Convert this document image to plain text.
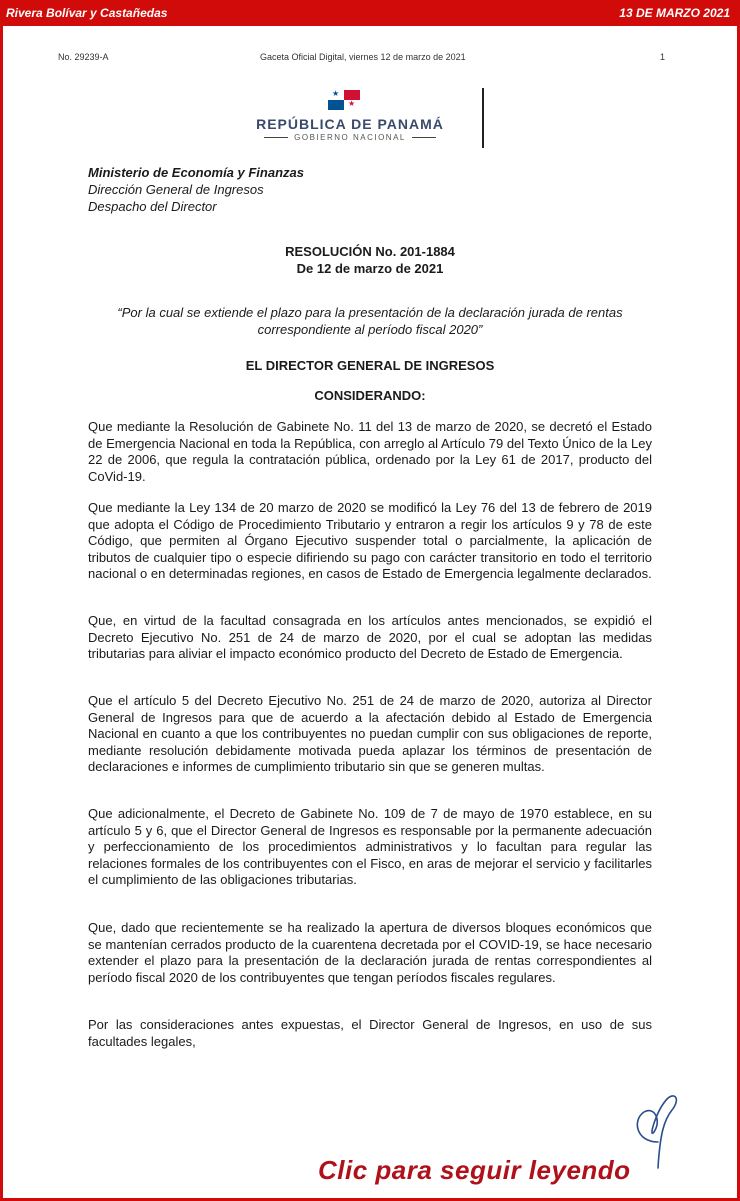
Rivera Bolívar y Castañedas	13 DE MARZO 2021
No. 29239-A	Gaceta Oficial Digital, viernes 12 de marzo de 2021	1
★
★
REPÚBLICA DE PANAMÁ
GOBIERNO NACIONAL
Ministerio de Economía y Finanzas
Dirección General de Ingresos
Despacho del Director
RESOLUCIÓN No. 201-1884
De 12 de marzo de 2021
“Por la cual se extiende el plazo para la presentación de la declaración jurada de rentas correspondiente al período fiscal 2020”
EL DIRECTOR GENERAL DE INGRESOS
CONSIDERANDO:

Que mediante la Resolución de Gabinete No. 11 del 13 de marzo de 2020, se decretó el Estado de Emergencia Nacional en toda la República, con arreglo al Artículo 79 del Texto Único de la Ley 22 de 2006, que regula la contratación pública, ordenado por la Ley 61 de 2017, producto del CoVid-19.

Que mediante la Ley 134 de 20 marzo de 2020 se modificó la Ley 76 del 13 de febrero de 2019 que adopta el Código de Procedimiento Tributario y entraron a regir los artículos 9 y 78 de este Código, que permiten al Órgano Ejecutivo suspender total o parcialmente, la aplicación de tributos de cualquier tipo o especie difiriendo su pago con carácter transitorio en todo el territorio nacional o en determinadas regiones, en casos de Estado de Emergencia legalmente declarados.

Que, en virtud de la facultad consagrada en los artículos antes mencionados, se expidió el Decreto Ejecutivo No. 251 de 24 de marzo de 2020, por el cual se adoptan las medidas tributarias para aliviar el impacto económico producto del Decreto de Estado de Emergencia.

Que el artículo 5 del Decreto Ejecutivo No. 251 de 24 de marzo de 2020, autoriza al Director General de Ingresos para que de acuerdo a la afectación debido al Estado de Emergencia Nacional en cuanto a que los contribuyentes no puedan cumplir con sus obligaciones de reporte, mediante resolución debidamente motivada pueda aplazar los términos de presentación de declaraciones e informes de cumplimiento tributario sin que se generen multas.

Que adicionalmente, el Decreto de Gabinete No. 109 de 7 de mayo de 1970 establece, en su artículo 5 y 6, que el Director General de Ingresos es responsable por la permanente adecuación y perfeccionamiento de los procedimientos administrativos y lo facultan para regular las relaciones formales de los contribuyentes con el Fisco, en aras de mejorar el servicio y facilitarles el cumplimiento de las obligaciones tributarias.

Que, dado que recientemente se ha realizado la apertura de diversos bloques económicos que se mantenían cerrados producto de la cuarentena decretada por el COVID-19, se hace necesario extender el plazo para la presentación de la declaración jurada de rentas correspondientes al período fiscal 2020 de los contribuyentes que tengan períodos fiscales regulares.

Por las consideraciones antes expuestas, el Director General de Ingresos, en uso de sus facultades legales,

Clic para seguir leyendo
